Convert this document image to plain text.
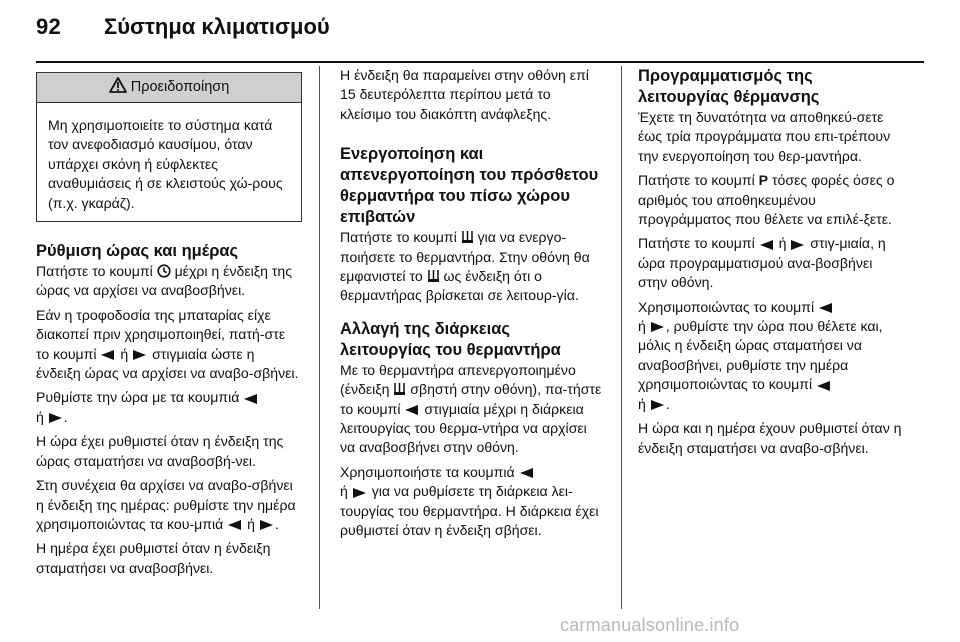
92 Σύστημα κλιματισμού
Προειδοποίηση
Μη χρησιμοποιείτε το σύστημα κατά τον ανεφοδιασμό καυσίμου, όταν υπάρχει σκόνη ή εύφλεκτες αναθυμιάσεις ή σε κλειστούς χώ-ρους (π.χ. γκαράζ).
Ρύθμιση ώρας και ημέρας

Πατήστε το κουμπί μέχρι η ένδειξη της ώρας να αρχίσει να αναβοσβήνει.

Εάν η τροφοδοσία της μπαταρίας είχε διακοπεί πριν χρησιμοποιηθεί, πατή-στε το κουμπί ή στιγμιαία ώστε η ένδειξη ώρας να αρχίσει να αναβο-σβήνει.

Ρυθμίστε την ώρα με τα κουμπιά
ή .

Η ώρα έχει ρυθμιστεί όταν η ένδειξη της ώρας σταματήσει να αναβοσβή-νει.

Στη συνέχεια θα αρχίσει να αναβο-σβήνει η ένδειξη της ημέρας: ρυθμίστε την ημέρα χρησιμοποιώντας τα κου-μπιά ή .

Η ημέρα έχει ρυθμιστεί όταν η ένδειξη σταματήσει να αναβοσβήνει.

Η ένδειξη θα παραμείνει στην οθόνη επί 15 δευτερόλεπτα περίπου μετά το κλείσιμο του διακόπτη ανάφλεξης.

Ενεργοποίηση και απενεργοποίηση του πρόσθετου θερμαντήρα του πίσω χώρου επιβατών

Πατήστε το κουμπί για να ενεργο-ποιήσετε το θερμαντήρα. Στην οθόνη θα εμφανιστεί το ως ένδειξη ότι ο θερμαντήρας βρίσκεται σε λειτουρ-γία.

Αλλαγή της διάρκειας λειτουργίας του θερμαντήρα

Με το θερμαντήρα απενεργοποιημένο (ένδειξη σβηστή στην οθόνη), πα-τήστε το κουμπί στιγμιαία μέχρι η διάρκεια λειτουργίας του θερμα-ντήρα να αρχίσει να αναβοσβήνει στην οθόνη.

Χρησιμοποιήστε τα κουμπιά
ή για να ρυθμίσετε τη διάρκεια λει-τουργίας του θερμαντήρα. Η διάρκεια έχει ρυθμιστεί όταν η ένδειξη σβήσει.

Προγραμματισμός της λειτουργίας θέρμανσης

Έχετε τη δυνατότητα να αποθηκεύ-σετε έως τρία προγράμματα που επι-τρέπουν την ενεργοποίηση του θερ-μαντήρα.

Πατήστε το κουμπί P τόσες φορές όσες ο αριθμός του αποθηκευμένου προγράμματος που θέλετε να επιλέ-ξετε.

Πατήστε το κουμπί ή στιγ-μιαία, η ώρα προγραμματισμού ανα-βοσβήνει στην οθόνη.

Χρησιμοποιώντας το κουμπί
ή , ρυθμίστε την ώρα που θέλετε και, μόλις η ένδειξη ώρας σταματήσει να αναβοσβήνει, ρυθμίστε την ημέρα χρησιμοποιώντας το κουμπί
ή .

Η ώρα και η ημέρα έχουν ρυθμιστεί όταν η ένδειξη σταματήσει να αναβο-σβήνει.

carmanualsonline.info
